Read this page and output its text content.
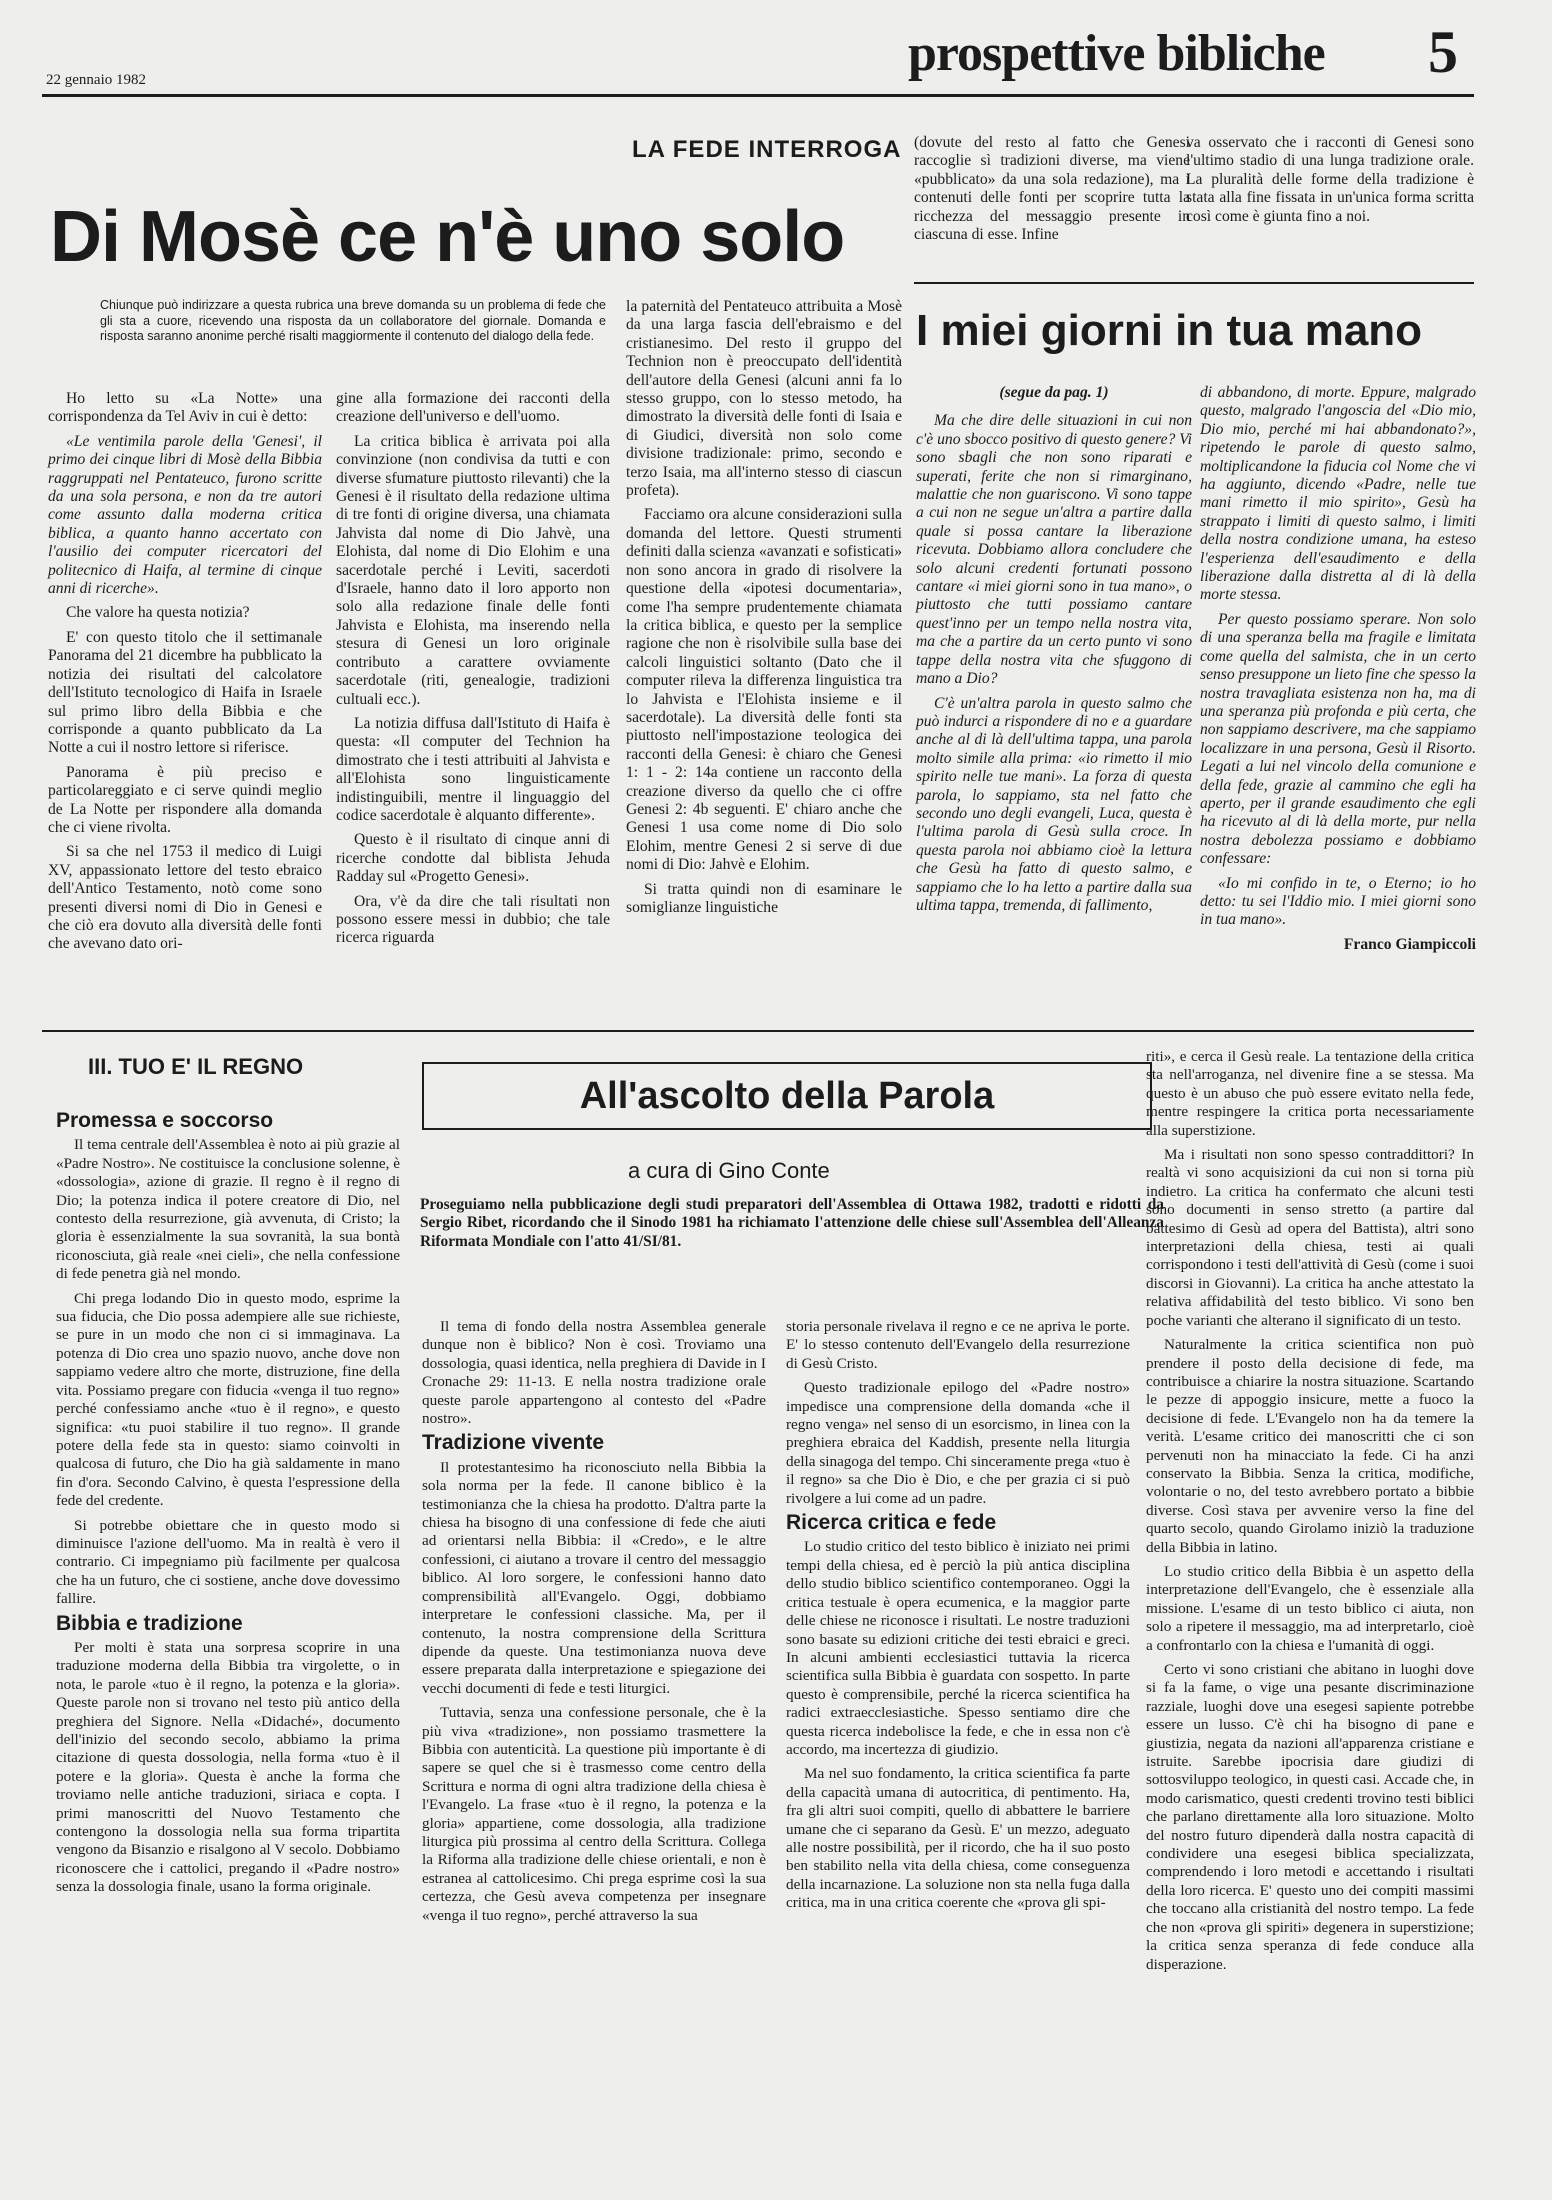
22 gennaio 1982	prospettive bibliche 5
LA FEDE INTERROGA
Di Mosè ce n'è uno solo
(dovute del resto al fatto che Genesi raccoglie sì tradizioni diverse, ma viene «pubblicato» da una sola redazione), ma i contenuti delle fonti per scoprire tutta la ricchezza del messaggio presente in ciascuna di esse. Infine
va osservato che i racconti di Genesi sono l'ultimo stadio di una lunga tradizione orale. La pluralità delle forme della tradizione è stata alla fine fissata in un'unica forma scritta così come è giunta fino a noi.
Chiunque può indirizzare a questa rubrica una breve domanda su un problema di fede che gli sta a cuore, ricevendo una risposta da un collaboratore del giornale. Domanda e risposta saranno anonime perché risalti maggiormente il contenuto del dialogo della fede.

Ho letto su «La Notte» una corrispondenza da Tel Aviv in cui è detto:

«Le ventimila parole della 'Genesi', il primo dei cinque libri di Mosè della Bibbia raggruppati nel Pentateuco, furono scritte da una sola persona, e non da tre autori come assunto dalla moderna critica biblica, a quanto hanno accertato con l'ausilio dei computer ricercatori del politecnico di Haifa, al termine di cinque anni di ricerche».

Che valore ha questa notizia?

E' con questo titolo che il settimanale Panorama del 21 dicembre ha pubblicato la notizia dei risultati del calcolatore dell'Istituto tecnologico di Haifa in Israele sul primo libro della Bibbia e che corrisponde a quanto pubblicato da La Notte a cui il nostro lettore si riferisce.

Panorama è più preciso e particolareggiato e ci serve quindi meglio de La Notte per rispondere alla domanda che ci viene rivolta.

Si sa che nel 1753 il medico di Luigi XV, appassionato lettore del testo ebraico dell'Antico Testamento, notò come sono presenti diversi nomi di Dio in Genesi e che ciò era dovuto alla diversità delle fonti che avevano dato ori-

gine alla formazione dei racconti della creazione dell'universo e dell'uomo.

La critica biblica è arrivata poi alla convinzione (non condivisa da tutti e con diverse sfumature piuttosto rilevanti) che la Genesi è il risultato della redazione ultima di tre fonti di origine diversa, una chiamata Jahvista dal nome di Dio Jahvè, una Elohista, dal nome di Dio Elohim e una sacerdotale perché i Leviti, sacerdoti d'Israele, hanno dato il loro apporto non solo alla redazione finale delle fonti Jahvista e Elohista, ma inserendo nella stesura di Genesi un loro originale contributo a carattere ovviamente sacerdotale (riti, genealogie, tradizioni cultuali ecc.).

La notizia diffusa dall'Istituto di Haifa è questa: «Il computer del Technion ha dimostrato che i testi attribuiti al Jahvista e all'Elohista sono linguisticamente indistinguibili, mentre il linguaggio del codice sacerdotale è alquanto differente».

Questo è il risultato di cinque anni di ricerche condotte dal biblista Jehuda Radday sul «Progetto Genesi».

Ora, v'è da dire che tali risultati non possono essere messi in dubbio; che tale ricerca riguarda

la paternità del Pentateuco attribuita a Mosè da una larga fascia dell'ebraismo e del cristianesimo. Del resto il gruppo del Technion non è preoccupato dell'identità dell'autore della Genesi (alcuni anni fa lo stesso gruppo, con lo stesso metodo, ha dimostrato la diversità delle fonti di Isaia e di Giudici, diversità non solo come divisione tradizionale: primo, secondo e terzo Isaia, ma all'interno stesso di ciascun profeta).

Facciamo ora alcune considerazioni sulla domanda del lettore. Questi strumenti definiti dalla scienza «avanzati e sofisticati» non sono ancora in grado di risolvere la questione della «ipotesi documentaria», come l'ha sempre prudentemente chiamata la critica biblica, e questo per la semplice ragione che non è risolvibile sulla base dei calcoli linguistici soltanto (Dato che il computer rileva la differenza linguistica tra lo Jahvista e l'Elohista insieme e il sacerdotale). La diversità delle fonti sta piuttosto nell'impostazione teologica dei racconti della Genesi: è chiaro che Genesi 1: 1 - 2: 14a contiene un racconto della creazione diverso da quello che ci offre Genesi 2: 4b seguenti. E' chiaro anche che Genesi 1 usa come nome di Dio solo Elohim, mentre Genesi 2 si serve di due nomi di Dio: Jahvè e Elohim.

Si tratta quindi non di esaminare le somiglianze linguistiche

I miei giorni in tua mano

(segue da pag. 1)

Ma che dire delle situazioni in cui non c'è uno sbocco positivo di questo genere? Vi sono sbagli che non sono riparati e superati, ferite che non si rimarginano, malattie che non guariscono. Vi sono tappe a cui non ne segue un'altra a partire dalla quale si possa cantare la liberazione ricevuta. Dobbiamo allora concludere che solo alcuni credenti fortunati possono cantare «i miei giorni sono in tua mano», o piuttosto che tutti possiamo cantare quest'inno per un tempo nella nostra vita, ma che a partire da un certo punto vi sono tappe della nostra vita che sfuggono di mano a Dio?

C'è un'altra parola in questo salmo che può indurci a rispondere di no e a guardare anche al di là dell'ultima tappa, una parola molto simile alla prima: «io rimetto il mio spirito nelle tue mani». La forza di questa parola, lo sappiamo, sta nel fatto che secondo uno degli evangeli, Luca, questa è l'ultima parola di Gesù sulla croce. In questa parola noi abbiamo cioè la lettura che Gesù ha fatto di questo salmo, e sappiamo che lo ha letto a partire dalla sua ultima tappa, tremenda, di fallimento,

di abbandono, di morte. Eppure, malgrado questo, malgrado l'angoscia del «Dio mio, Dio mio, perché mi hai abbandonato?», ripetendo le parole di questo salmo, moltiplicandone la fiducia col Nome che vi ha aggiunto, dicendo «Padre, nelle tue mani rimetto il mio spirito», Gesù ha strappato i limiti di questo salmo, i limiti della nostra condizione umana, ha esteso l'esperienza dell'esaudimento e della liberazione dalla distretta al di là della morte stessa.

Per questo possiamo sperare. Non solo di una speranza bella ma fragile e limitata come quella del salmista, che in un certo senso presuppone un lieto fine che spesso la nostra travagliata esistenza non ha, ma di una speranza più profonda e più certa, che non sappiamo descrivere, ma che sappiamo localizzare in una persona, Gesù il Risorto. Legati a lui nel vincolo della comunione e della fede, grazie al cammino che egli ha aperto, per il grande esaudimento che egli ha ricevuto al di là della morte, pur nella nostra debolezza possiamo e dobbiamo confessare:

«Io mi confido in te, o Eterno; io ho detto: tu sei l'Iddio mio. I miei giorni sono in tua mano».

Franco Giampiccoli
III. TUO E' IL REGNO
All'ascolto della Parola
a cura di Gino Conte
Proseguiamo nella pubblicazione degli studi preparatori dell'Assemblea di Ottawa 1982, tradotti e ridotti da Sergio Ribet, ricordando che il Sinodo 1981 ha richiamato l'attenzione delle chiese sull'Assemblea dell'Alleanza Riformata Mondiale con l'atto 41/SI/81.

Promessa e soccorso

Il tema centrale dell'Assemblea è noto ai più grazie al «Padre Nostro». Ne costituisce la conclusione solenne, è «dossologia», azione di grazie. Il regno è il regno di Dio; la potenza indica il potere creatore di Dio, nel contesto della resurrezione, già avvenuta, di Cristo; la gloria è essenzialmente la sua sovranità, la sua bontà riconosciuta, già reale «nei cieli», che nella confessione di fede penetra già nel mondo.

Chi prega lodando Dio in questo modo, esprime la sua fiducia, che Dio possa adempiere alle sue richieste, se pure in un modo che non ci si immaginava. La potenza di Dio crea uno spazio nuovo, anche dove non sappiamo vedere altro che morte, distruzione, fine della vita. Possiamo pregare con fiducia «venga il tuo regno» perché confessiamo anche «tuo è il regno», e questo significa: «tu puoi stabilire il tuo regno». Il grande potere della fede sta in questo: siamo coinvolti in qualcosa di futuro, che Dio ha già saldamente in mano fin d'ora. Secondo Calvino, è questa l'espressione della fede del credente.

Si potrebbe obiettare che in questo modo si diminuisce l'azione dell'uomo. Ma in realtà è vero il contrario. Ci impegniamo più facilmente per qualcosa che ha un futuro, che ci sostiene, anche dove dovessimo fallire.

Bibbia e tradizione

Per molti è stata una sorpresa scoprire in una traduzione moderna della Bibbia tra virgolette, o in nota, le parole «tuo è il regno, la potenza e la gloria». Queste parole non si trovano nel testo più antico della preghiera del Signore. Nella «Didaché», documento dell'inizio del secondo secolo, abbiamo la prima citazione di questa dossologia, nella forma «tuo è il potere e la gloria». Questa è anche la forma che troviamo nelle antiche traduzioni, siriaca e copta. I primi manoscritti del Nuovo Testamento che contengono la dossologia nella sua forma tripartita vengono da Bisanzio e risalgono al V secolo. Dobbiamo riconoscere che i cattolici, pregando il «Padre nostro» senza la dossologia finale, usano la forma originale.

Il tema di fondo della nostra Assemblea generale dunque non è biblico? Non è così. Troviamo una dossologia, quasi identica, nella preghiera di Davide in I Cronache 29: 11-13. E nella nostra tradizione orale queste parole appartengono al contesto del «Padre nostro».

Tradizione vivente

Il protestantesimo ha riconosciuto nella Bibbia la sola norma per la fede. Il canone biblico è la testimonianza che la chiesa ha prodotto. D'altra parte la chiesa ha bisogno di una confessione di fede che aiuti ad orientarsi nella Bibbia: il «Credo», e le altre confessioni, ci aiutano a trovare il centro del messaggio biblico. Al loro sorgere, le confessioni hanno dato comprensibilità all'Evangelo. Oggi, dobbiamo interpretare le confessioni classiche. Ma, per il contenuto, la nostra comprensione della Scrittura dipende da queste. Una testimonianza nuova deve essere preparata dalla interpretazione e spiegazione dei vecchi documenti di fede e testi liturgici.

Tuttavia, senza una confessione personale, che è la più viva «tradizione», non possiamo trasmettere la Bibbia con autenticità. La questione più importante è di sapere se quel che si è trasmesso come centro della Scrittura e norma di ogni altra tradizione della chiesa è l'Evangelo. La frase «tuo è il regno, la potenza e la gloria» appartiene, come dossologia, alla tradizione liturgica più prossima al centro della Scrittura. Collega la Riforma alla tradizione delle chiese orientali, e non è estranea al cattolicesimo. Chi prega esprime così la sua certezza, che Gesù aveva competenza per insegnare «venga il tuo regno», perché attraverso la sua

storia personale rivelava il regno e ce ne apriva le porte. E' lo stesso contenuto dell'Evangelo della resurrezione di Gesù Cristo.

Questo tradizionale epilogo del «Padre nostro» impedisce una comprensione della domanda «che il regno venga» nel senso di un esorcismo, in linea con la preghiera ebraica del Kaddish, presente nella liturgia della sinagoga del tempo. Chi sinceramente prega «tuo è il regno» sa che Dio è Dio, e che per grazia ci si può rivolgere a lui come ad un padre.

Ricerca critica e fede

Lo studio critico del testo biblico è iniziato nei primi tempi della chiesa, ed è perciò la più antica disciplina dello studio biblico scientifico contemporaneo. Oggi la critica testuale è opera ecumenica, e la maggior parte delle chiese ne riconosce i risultati. Le nostre traduzioni sono basate su edizioni critiche dei testi ebraici e greci. In alcuni ambienti ecclesiastici tuttavia la ricerca scientifica sulla Bibbia è guardata con sospetto. In parte questo è comprensibile, perché la ricerca scientifica ha radici extraecclesiastiche. Spesso sentiamo dire che questa ricerca indebolisce la fede, e che in essa non c'è accordo, ma incertezza di giudizio.

Ma nel suo fondamento, la critica scientifica fa parte della capacità umana di autocritica, di pentimento. Ha, fra gli altri suoi compiti, quello di abbattere le barriere umane che ci separano da Gesù. E' un mezzo, adeguato alle nostre possibilità, per il ricordo, che ha il suo posto ben stabilito nella vita della chiesa, come conseguenza della incarnazione. La soluzione non sta nella fuga dalla critica, ma in una critica coerente che «prova gli spi-

riti», e cerca il Gesù reale. La tentazione della critica sta nell'arroganza, nel divenire fine a se stessa. Ma questo è un abuso che può essere evitato nella fede, mentre respingere la critica porta necessariamente alla superstizione.

Ma i risultati non sono spesso contraddittori? In realtà vi sono acquisizioni da cui non si torna più indietro. La critica ha confermato che alcuni testi sono documenti in senso stretto (a partire dal battesimo di Gesù ad opera del Battista), altri sono interpretazioni della chiesa, testi ai quali corrispondono i testi dell'attività di Gesù (come i suoi discorsi in Giovanni). La critica ha anche attestato la relativa affidabilità del testo biblico. Vi sono ben poche varianti che alterano il significato di un testo.

Naturalmente la critica scientifica non può prendere il posto della decisione di fede, ma contribuisce a chiarire la nostra situazione. Scartando le pezze di appoggio insicure, mette a fuoco la decisione di fede. L'Evangelo non ha da temere la verità. L'esame critico dei manoscritti che ci son pervenuti non ha minacciato la fede. Ci ha anzi conservato la Bibbia. Senza la critica, modifiche, volontarie o no, del testo avrebbero portato a bibbie diverse. Così stava per avvenire verso la fine del quarto secolo, quando Girolamo iniziò la traduzione della Bibbia in latino.

Lo studio critico della Bibbia è un aspetto della interpretazione dell'Evangelo, che è essenziale alla missione. L'esame di un testo biblico ci aiuta, non solo a ripetere il messaggio, ma ad interpretarlo, cioè a confrontarlo con la chiesa e l'umanità di oggi.

Certo vi sono cristiani che abitano in luoghi dove si fa la fame, o vige una pesante discriminazione razziale, luoghi dove una esegesi sapiente potrebbe essere un lusso. C'è chi ha bisogno di pane e giustizia, negata da nazioni all'apparenza cristiane e istruite. Sarebbe ipocrisia dare giudizi di sottosviluppo teologico, in questi casi. Accade che, in modo carismatico, questi credenti trovino testi biblici che parlano direttamente alla loro situazione. Molto del nostro futuro dipenderà dalla nostra capacità di condividere una esegesi biblica specializzata, comprendendo i loro metodi e accettando i risultati della loro ricerca. E' questo uno dei compiti massimi che toccano alla cristianità del nostro tempo. La fede che non «prova gli spiriti» degenera in superstizione; la critica senza speranza di fede conduce alla disperazione.
